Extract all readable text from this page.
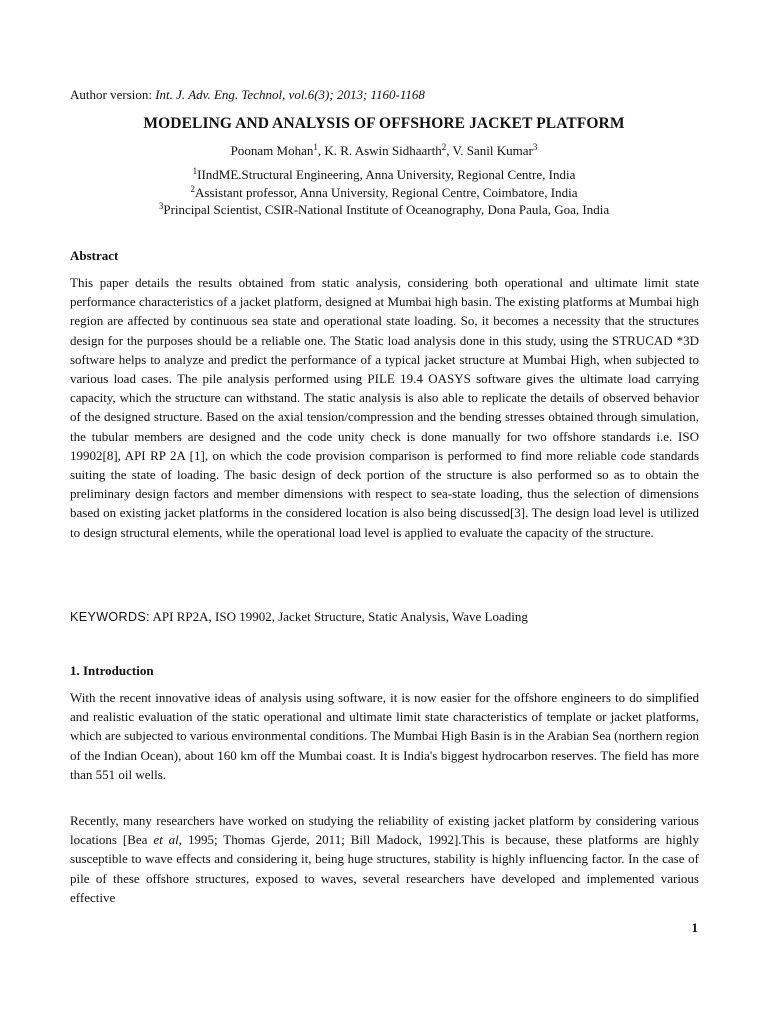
Author version: Int. J. Adv. Eng. Technol, vol.6(3); 2013; 1160-1168
MODELING AND ANALYSIS OF OFFSHORE JACKET PLATFORM
Poonam Mohan$^1$, K. R. Aswin Sidhaarth$^2$, V. Sanil Kumar$^3$
$^1$IIndME.Structural Engineering, Anna University, Regional Centre, India
$^2$Assistant professor, Anna University, Regional Centre, Coimbatore, India
$^3$Principal Scientist, CSIR-National Institute of Oceanography, Dona Paula, Goa, India
Abstract

This paper details the results obtained from static analysis, considering both operational and ultimate limit state performance characteristics of a jacket platform, designed at Mumbai high basin. The existing platforms at Mumbai high region are affected by continuous sea state and operational state loading. So, it becomes a necessity that the structures design for the purposes should be a reliable one. The Static load analysis done in this study, using the STRUCAD *3D software helps to analyze and predict the performance of a typical jacket structure at Mumbai High, when subjected to various load cases. The pile analysis performed using PILE 19.4 OASYS software gives the ultimate load carrying capacity, which the structure can withstand. The static analysis is also able to replicate the details of observed behavior of the designed structure. Based on the axial tension/compression and the bending stresses obtained through simulation, the tubular members are designed and the code unity check is done manually for two offshore standards i.e. ISO 19902[8], API RP 2A [1], on which the code provision comparison is performed to find more reliable code standards suiting the state of loading. The basic design of deck portion of the structure is also performed so as to obtain the preliminary design factors and member dimensions with respect to sea-state loading, thus the selection of dimensions based on existing jacket platforms in the considered location is also being discussed[3]. The design load level is utilized to design structural elements, while the operational load level is applied to evaluate the capacity of the structure.

KEYWORDS: API RP2A, ISO 19902, Jacket Structure, Static Analysis, Wave Loading
1. Introduction

With the recent innovative ideas of analysis using software, it is now easier for the offshore engineers to do simplified and realistic evaluation of the static operational and ultimate limit state characteristics of template or jacket platforms, which are subjected to various environmental conditions. The Mumbai High Basin is in the Arabian Sea (northern region of the Indian Ocean), about 160 km off the Mumbai coast. It is India's biggest hydrocarbon reserves. The field has more than 551 oil wells.

Recently, many researchers have worked on studying the reliability of existing jacket platform by considering various locations [Bea et al, 1995; Thomas Gjerde, 2011; Bill Madock, 1992].This is because, these platforms are highly susceptible to wave effects and considering it, being huge structures, stability is highly influencing factor. In the case of pile of these offshore structures, exposed to waves, several researchers have developed and implemented various effective

1
